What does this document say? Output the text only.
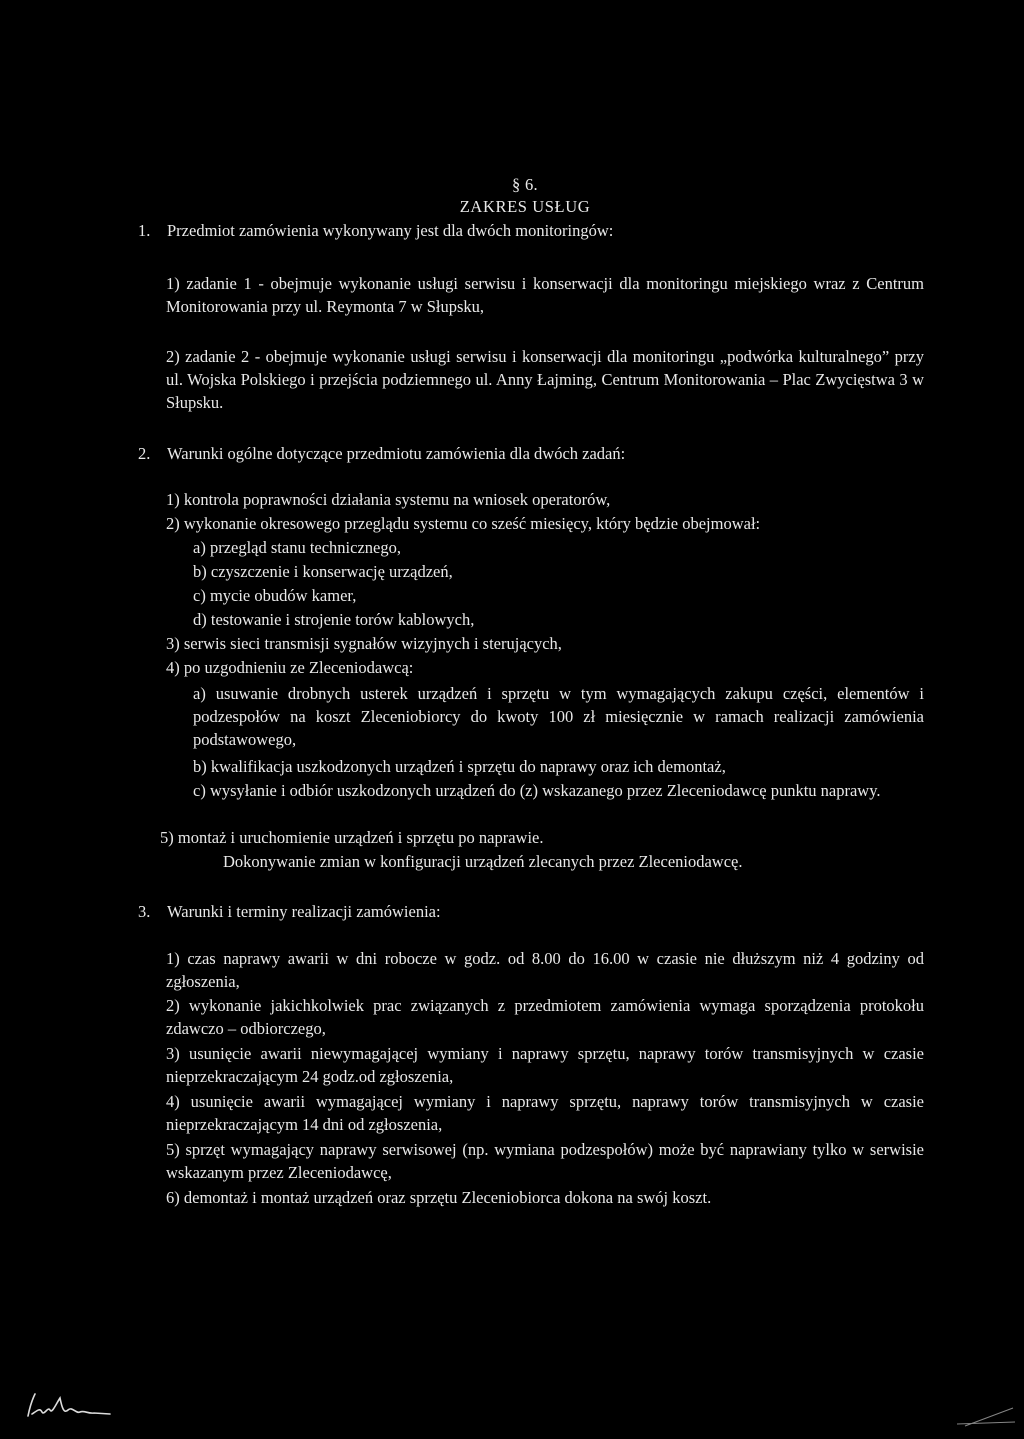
§ 6.
ZAKRES USŁUG
1. Przedmiot zamówienia wykonywany jest dla dwóch monitoringów:
1) zadanie 1 - obejmuje wykonanie usługi serwisu i konserwacji dla monitoringu miejskiego wraz z Centrum Monitorowania przy ul. Reymonta 7 w Słupsku,
2) zadanie 2 - obejmuje wykonanie usługi serwisu i konserwacji dla monitoringu „podwórka kulturalnego” przy ul. Wojska Polskiego i przejścia podziemnego ul. Anny Łajming, Centrum Monitorowania – Plac Zwycięstwa 3 w Słupsku.
2. Warunki ogólne dotyczące przedmiotu zamówienia dla dwóch zadań:
1) kontrola poprawności działania systemu na wniosek operatorów,
2) wykonanie okresowego przeglądu systemu co sześć miesięcy, który będzie obejmował:
a) przegląd stanu technicznego,
b) czyszczenie i konserwację urządzeń,
c) mycie obudów kamer,
d) testowanie i strojenie torów kablowych,
3) serwis sieci transmisji sygnałów wizyjnych i sterujących,
4) po uzgodnieniu ze Zleceniodawcą:
a) usuwanie drobnych usterek urządzeń i sprzętu w tym wymagających zakupu części, elementów i podzespołów na koszt Zleceniobiorcy do kwoty 100 zł miesięcznie w ramach realizacji zamówienia podstawowego,
b) kwalifikacja uszkodzonych urządzeń i sprzętu do naprawy oraz ich demontaż,
c) wysyłanie i odbiór uszkodzonych urządzeń do (z) wskazanego przez Zleceniodawcę punktu naprawy.
5) montaż i uruchomienie urządzeń i sprzętu po naprawie.
Dokonywanie zmian w konfiguracji urządzeń zlecanych przez Zleceniodawcę.
3. Warunki i terminy realizacji zamówienia:
1) czas naprawy awarii w dni robocze w godz. od 8.00 do 16.00 w czasie nie dłuższym niż 4 godziny od zgłoszenia,
2) wykonanie jakichkolwiek prac związanych z przedmiotem zamówienia wymaga sporządzenia protokołu zdawczo – odbiorczego,
3) usunięcie awarii niewymagającej wymiany i naprawy sprzętu, naprawy torów transmisyjnych w czasie nieprzekraczającym 24 godz.od zgłoszenia,
4) usunięcie awarii wymagającej wymiany i naprawy sprzętu, naprawy torów transmisyjnych w czasie nieprzekraczającym 14 dni od zgłoszenia,
5) sprzęt wymagający naprawy serwisowej (np. wymiana podzespołów) może być naprawiany tylko w serwisie wskazanym przez Zleceniodawcę,
6) demontaż i montaż urządzeń oraz sprzętu Zleceniobiorca dokona na swój koszt.
